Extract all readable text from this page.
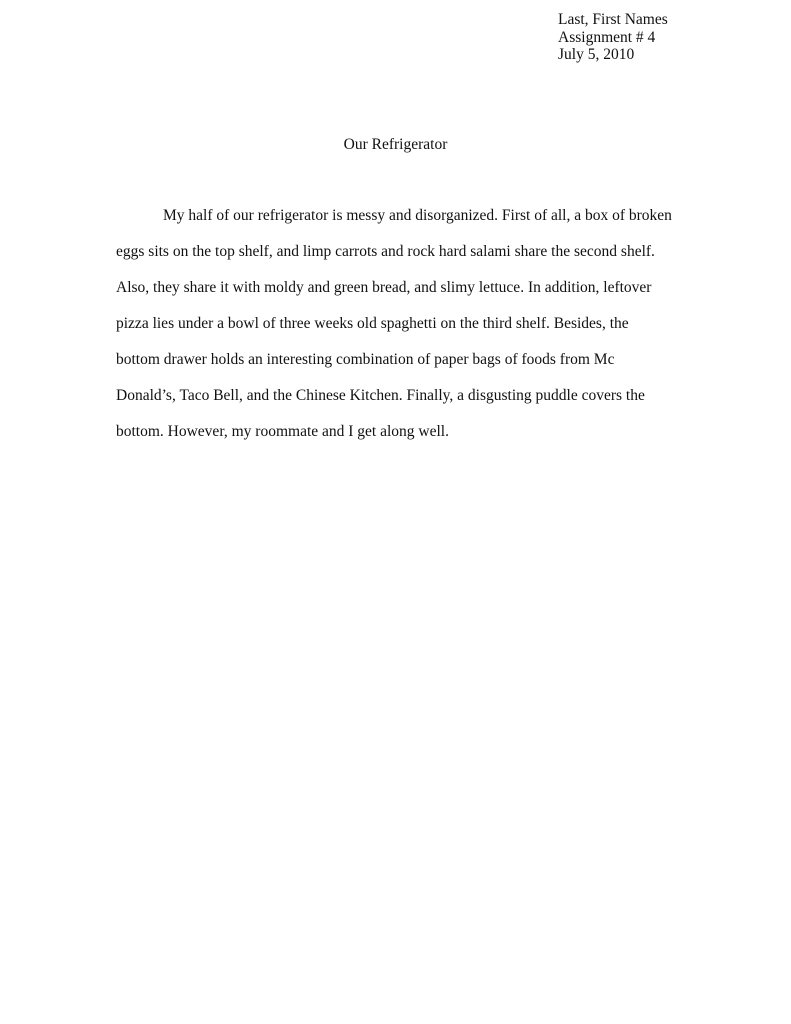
Last, First Names
Assignment # 4
July 5, 2010
Our Refrigerator
My half of our refrigerator is messy and disorganized. First of all, a box of broken
eggs sits on the top shelf, and limp carrots and rock hard salami share the second shelf.
Also, they share it with moldy and green bread, and slimy lettuce. In addition, leftover
pizza lies under a bowl of three weeks old spaghetti on the third shelf. Besides, the
bottom drawer holds an interesting combination of paper bags of foods from Mc
Donald’s, Taco Bell, and the Chinese Kitchen. Finally, a disgusting puddle covers the
bottom. However, my roommate and I get along well.
